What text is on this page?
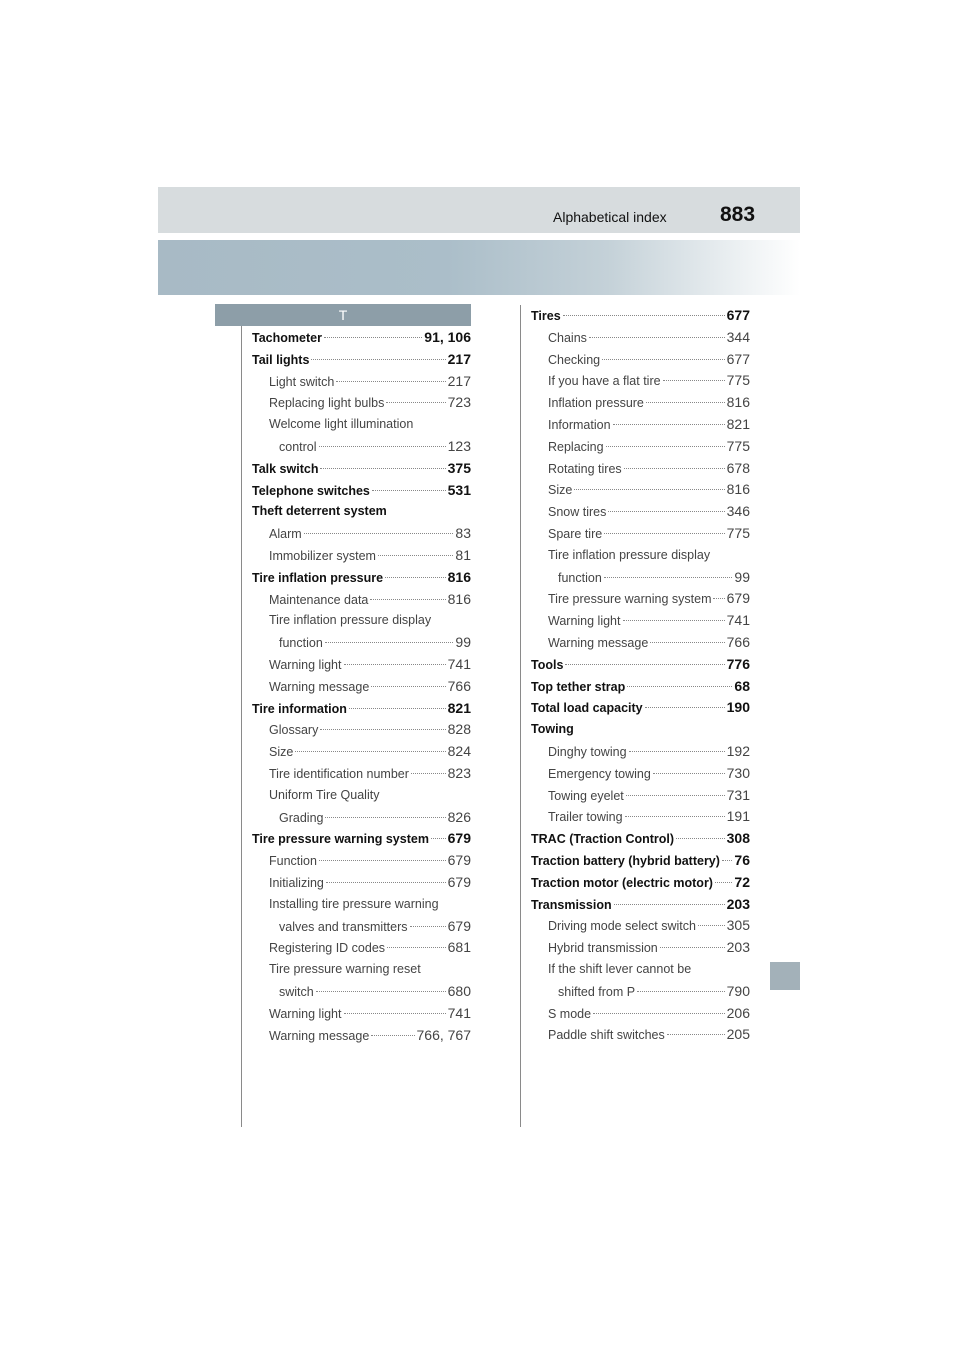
Alphabetical index	883
T
Tachometer	91, 106
Tail lights	217
Light switch	217
Replacing light bulbs	723
Welcome light illumination
control	123
Talk switch	375
Telephone switches	531
Theft deterrent system
Alarm	83
Immobilizer system	81
Tire inflation pressure	816
Maintenance data	816
Tire inflation pressure display
function	99
Warning light	741
Warning message	766
Tire information	821
Glossary	828
Size	824
Tire identification number	823
Uniform Tire Quality
Grading	826
Tire pressure warning system 679
Function	679
Initializing	679
Installing tire pressure warning
valves and transmitters	679
Registering ID codes	681
Tire pressure warning reset
switch	680
Warning light	741
Warning message	766, 767
Tires	677
Chains	344
Checking	677
If you have a flat tire	775
Inflation pressure	816
Information	821
Replacing	775
Rotating tires	678
Size	816
Snow tires	346
Spare tire	775
Tire inflation pressure display
function	99
Tire pressure warning system 679
Warning light	741
Warning message	766
Tools	776
Top tether strap	68
Total load capacity	190
Towing
Dinghy towing	192
Emergency towing	730
Towing eyelet	731
Trailer towing	191
TRAC (Traction Control)	308
Traction battery (hybrid battery) 76
Traction motor (electric motor) 72
Transmission	203
Driving mode select switch 305
Hybrid transmission	203
If the shift lever cannot be
shifted from P	790
S mode	206
Paddle shift switches	205
